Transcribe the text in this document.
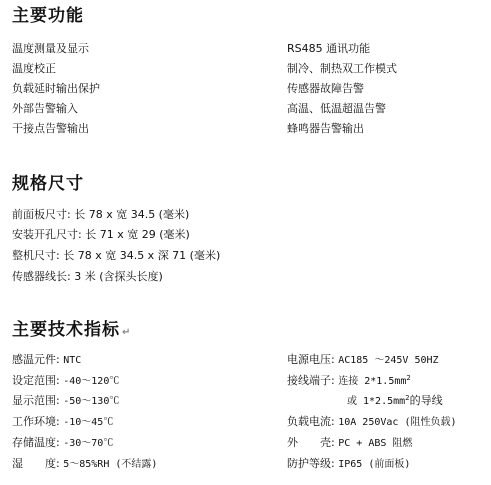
主要功能
温度测量及显示
温度校正
负载延时输出保护
外部告警输入
干接点告警输出
RS485 通讯功能
制冷、制热双工作模式
传感器故障告警
高温、低温超温告警
蜂鸣器告警输出
规格尺寸
前面板尺寸: 长 78 x 宽 34.5 (毫米)
安装开孔尺寸: 长 71 x 宽 29 (毫米)
整机尺寸: 长 78 x 宽 34.5 x 深 71 (毫米)
传感器线长: 3 米 (含探头长度)
主要技术指标 ↵
感温元件: NTC
设定范围: -40～120℃
显示范围: -50～130℃
工作环境: -10～45℃
存储温度: -30～70℃
湿　　度: 5～85%RH (不结露)
电源电压: AC185 ～245V 50HZ
接线端子: 连接 $2*1.5mm^2$
或 $1*2.5mm^2$的导线
负载电流: 10A 250Vac (阻性负载)
外　　壳: PC + ABS 阻燃
防护等级: IP65 (前面板)
